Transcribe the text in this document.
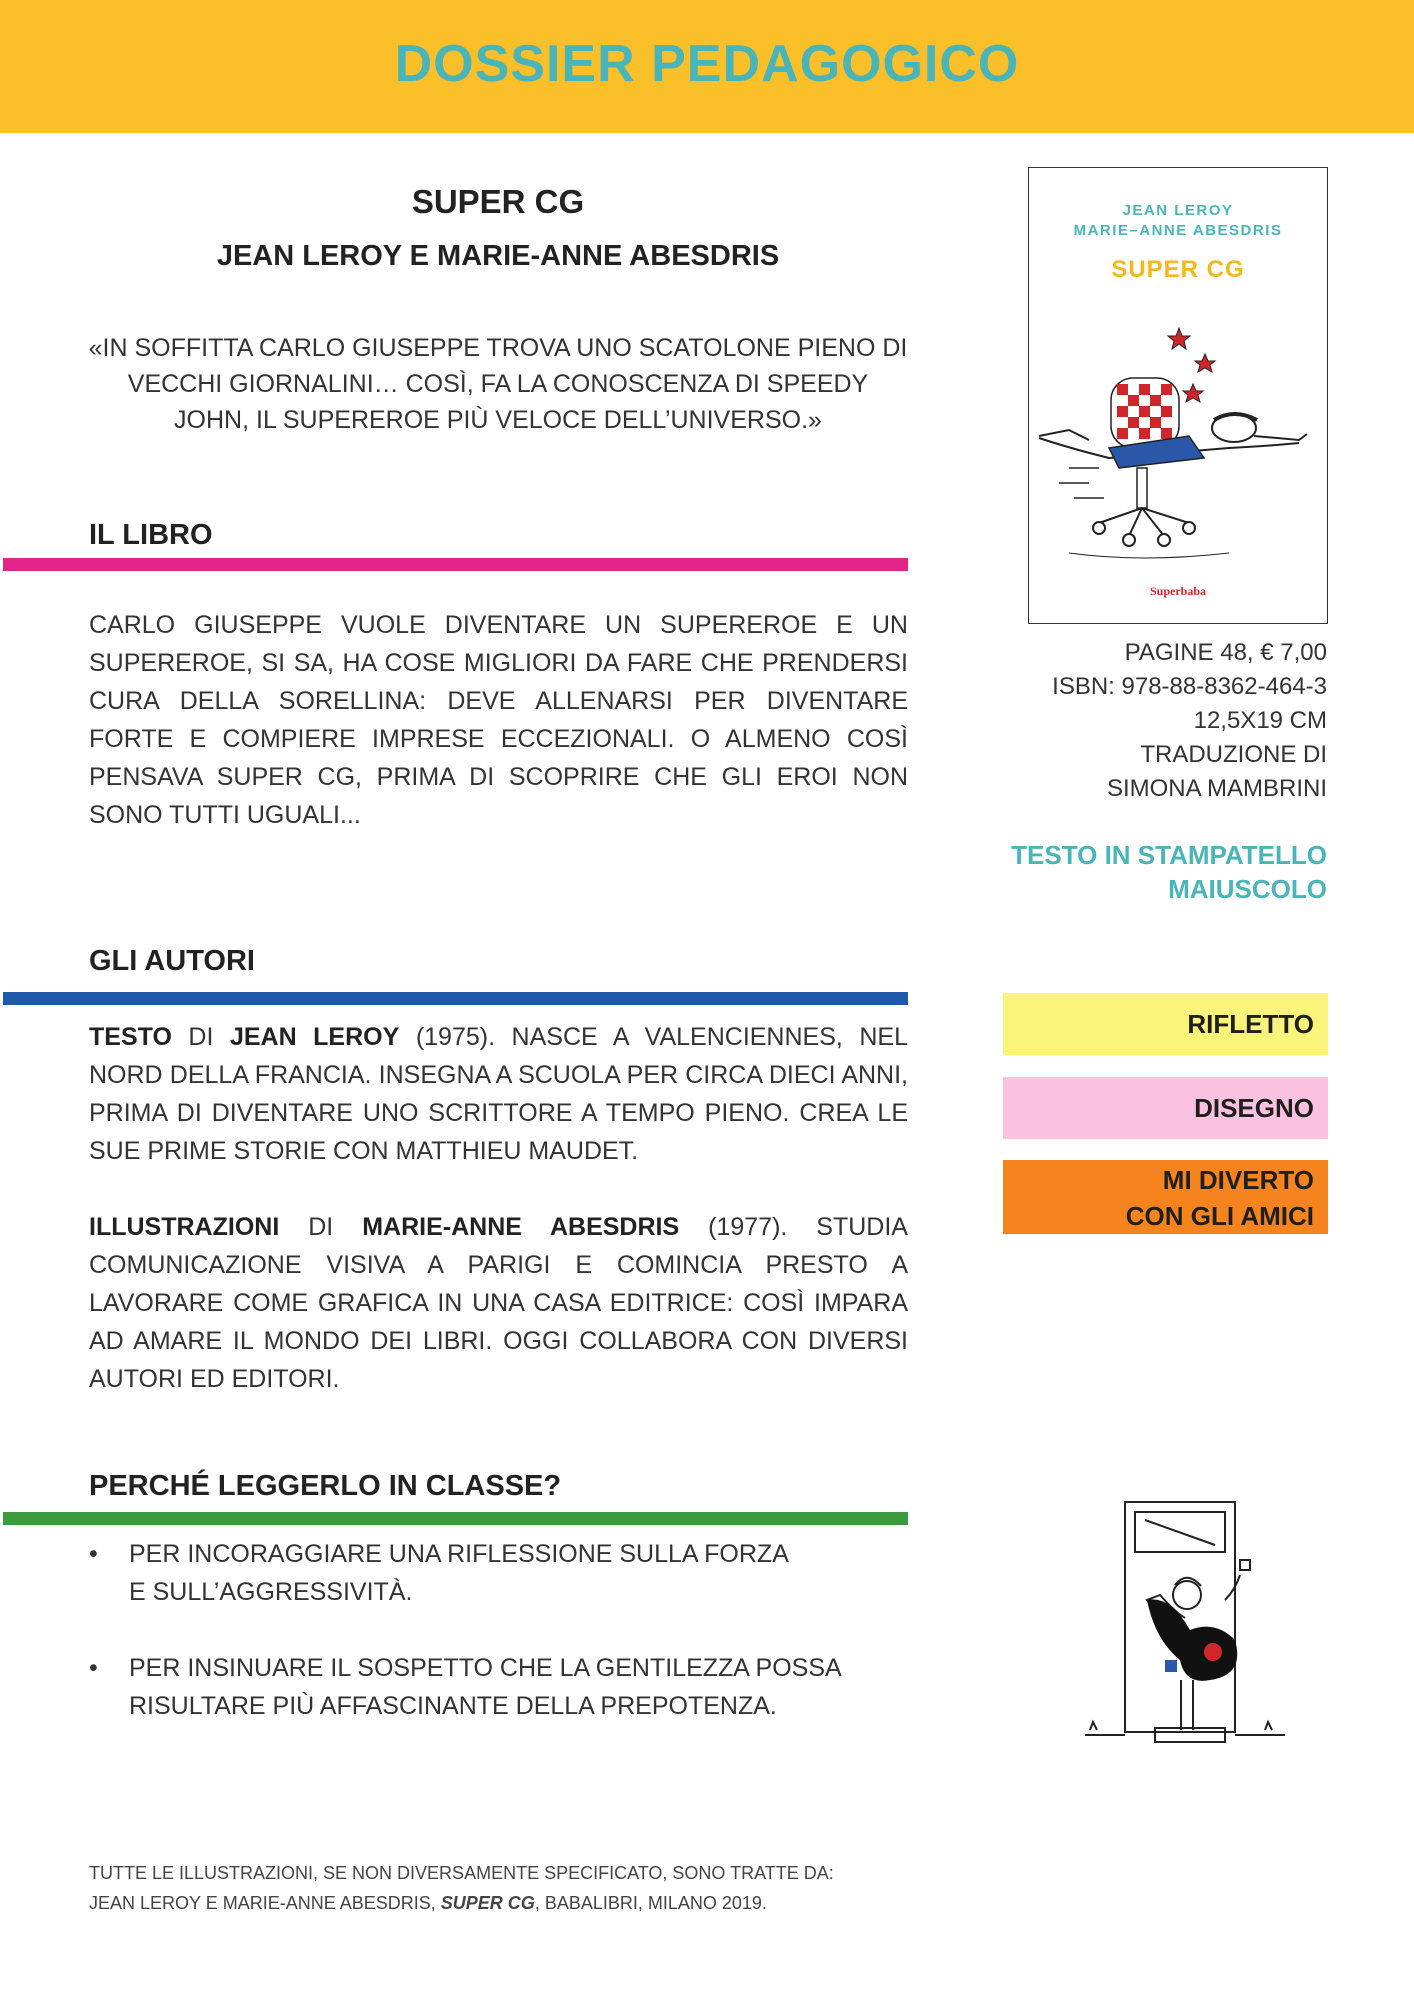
DOSSIER PEDAGOGICO
SUPER CG
JEAN LEROY E MARIE-ANNE ABESDRIS
«IN SOFFITTA CARLO GIUSEPPE TROVA UNO SCATOLONE PIENO DI VECCHI GIORNALINI… COSÌ, FA LA CONOSCENZA DI SPEEDY JOHN, IL SUPEREROE PIÙ VELOCE DELL’UNIVERSO.»
IL LIBRO
CARLO GIUSEPPE VUOLE DIVENTARE UN SUPEREROE E UN SUPEREROE, SI SA, HA COSE MIGLIORI DA FARE CHE PRENDERSI CURA DELLA SORELLINA: DEVE ALLENARSI PER DIVENTARE FORTE E COMPIERE IMPRESE ECCEZIONALI. O ALMENO COSÌ PENSAVA SUPER CG, PRIMA DI SCOPRIRE CHE GLI EROI NON SONO TUTTI UGUALI...
GLI AUTORI
TESTO DI JEAN LEROY (1975). NASCE A VALENCIENNES, NEL NORD DELLA FRANCIA. INSEGNA A SCUOLA PER CIRCA DIECI ANNI, PRIMA DI DIVENTARE UNO SCRITTORE A TEMPO PIENO. CREA LE SUE PRIME STORIE CON MATTHIEU MAUDET.
ILLUSTRAZIONI DI MARIE-ANNE ABESDRIS (1977). STUDIA COMUNICAZIONE VISIVA A PARIGI E COMINCIA PRESTO A LAVORARE COME GRAFICA IN UNA CASA EDITRICE: COSÌ IMPARA AD AMARE IL MONDO DEI LIBRI. OGGI COLLABORA CON DIVERSI AUTORI ED EDITORI.
PERCHÉ LEGGERLO IN CLASSE?
• PER INCORAGGIARE UNA RIFLESSIONE SULLA FORZA
E SULL’AGGRESSIVITÀ.
• PER INSINUARE IL SOSPETTO CHE LA GENTILEZZA POSSA
RISULTARE PIÙ AFFASCINANTE DELLA PREPOTENZA.
TUTTE LE ILLUSTRAZIONI, SE NON DIVERSAMENTE SPECIFICATO, SONO TRATTE DA:
JEAN LEROY E MARIE-ANNE ABESDRIS, SUPER CG, BABALIBRI, MILANO 2019.
JEAN LEROY
MARIE–ANNE ABESDRIS
SUPER CG
Superbaba
PAGINE 48, € 7,00
ISBN: 978-88-8362-464-3
12,5X19 CM
TRADUZIONE DI
SIMONA MAMBRINI
TESTO IN STAMPATELLO
MAIUSCOLO
RIFLETTO
DISEGNO
MI DIVERTO
CON GLI AMICI
